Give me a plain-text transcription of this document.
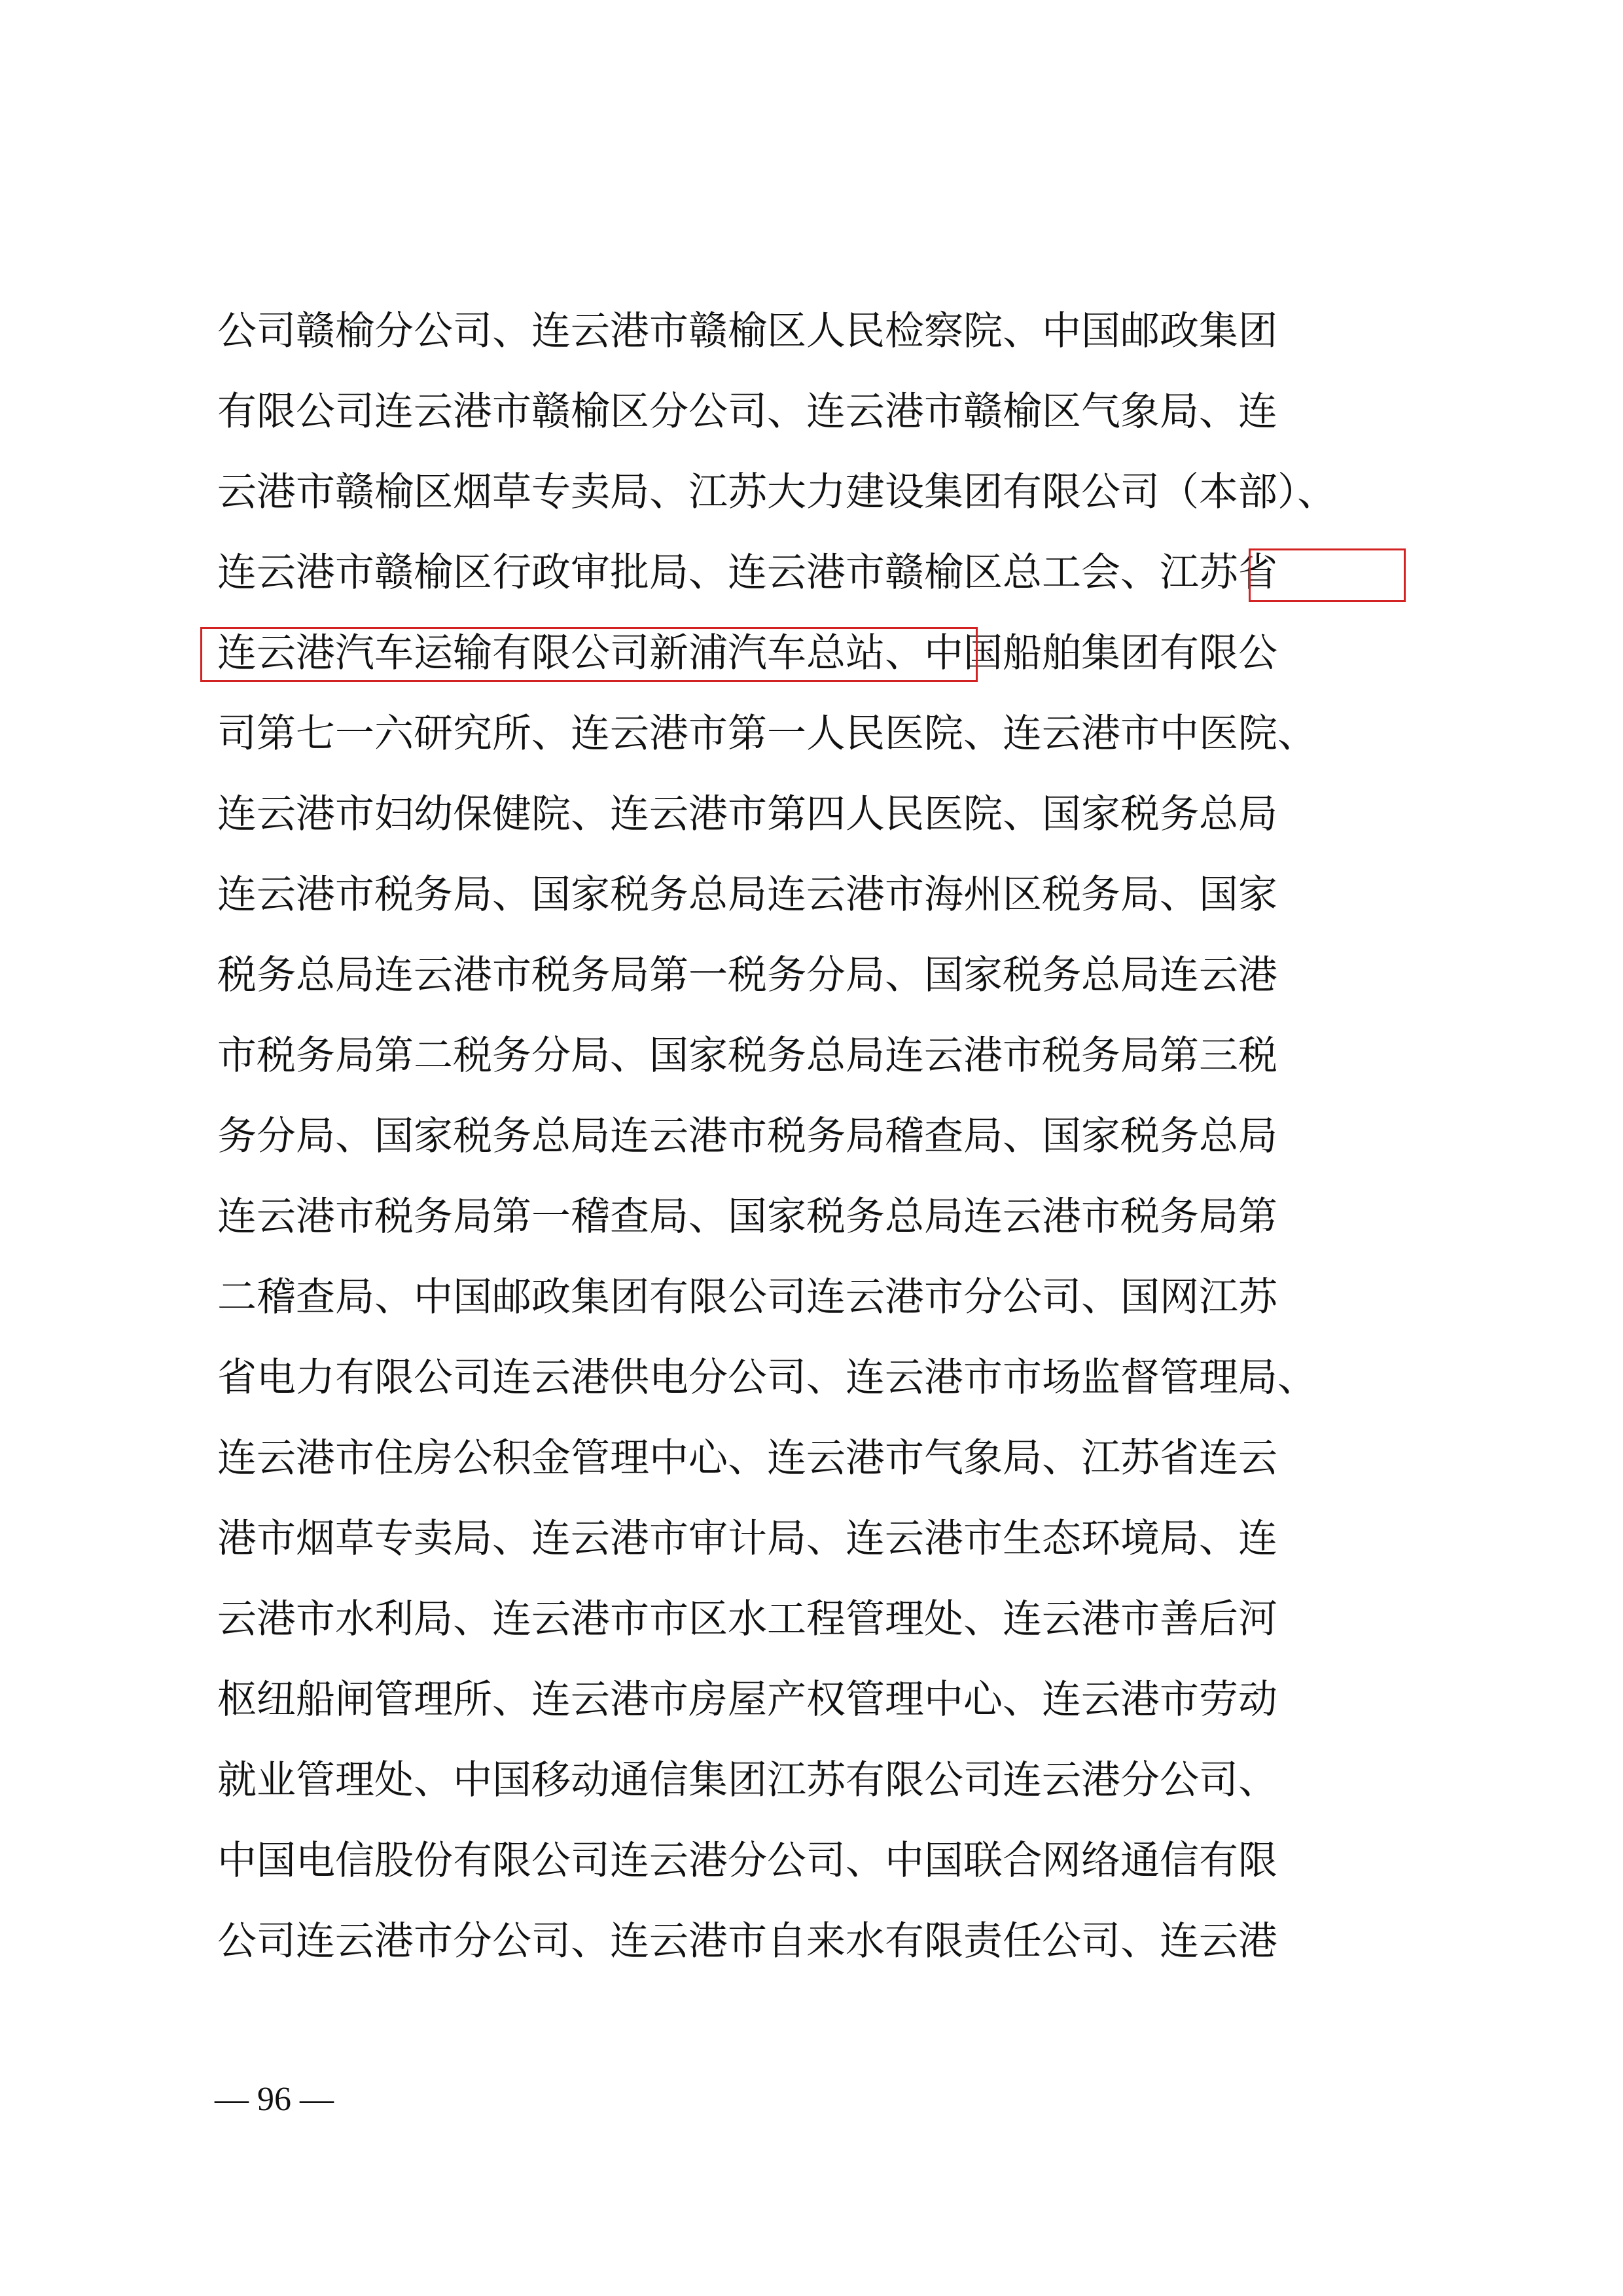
公司赣榆分公司、连云港市赣榆区人民检察院、中国邮政集团
有限公司连云港市赣榆区分公司、连云港市赣榆区气象局、连
云港市赣榆区烟草专卖局、江苏大力建设集团有限公司（本部）、
连云港市赣榆区行政审批局、连云港市赣榆区总工会、江苏省
连云港汽车运输有限公司新浦汽车总站、中国船舶集团有限公
司第七一六研究所、连云港市第一人民医院、连云港市中医院、
连云港市妇幼保健院、连云港市第四人民医院、国家税务总局
连云港市税务局、国家税务总局连云港市海州区税务局、国家
税务总局连云港市税务局第一税务分局、国家税务总局连云港
市税务局第二税务分局、国家税务总局连云港市税务局第三税
务分局、国家税务总局连云港市税务局稽查局、国家税务总局
连云港市税务局第一稽查局、国家税务总局连云港市税务局第
二稽查局、中国邮政集团有限公司连云港市分公司、国网江苏
省电力有限公司连云港供电分公司、连云港市市场监督管理局、
连云港市住房公积金管理中心、连云港市气象局、江苏省连云
港市烟草专卖局、连云港市审计局、连云港市生态环境局、连
云港市水利局、连云港市市区水工程管理处、连云港市善后河
枢纽船闸管理所、连云港市房屋产权管理中心、连云港市劳动
就业管理处、中国移动通信集团江苏有限公司连云港分公司、
中国电信股份有限公司连云港分公司、中国联合网络通信有限
公司连云港市分公司、连云港市自来水有限责任公司、连云港
— 96 —
